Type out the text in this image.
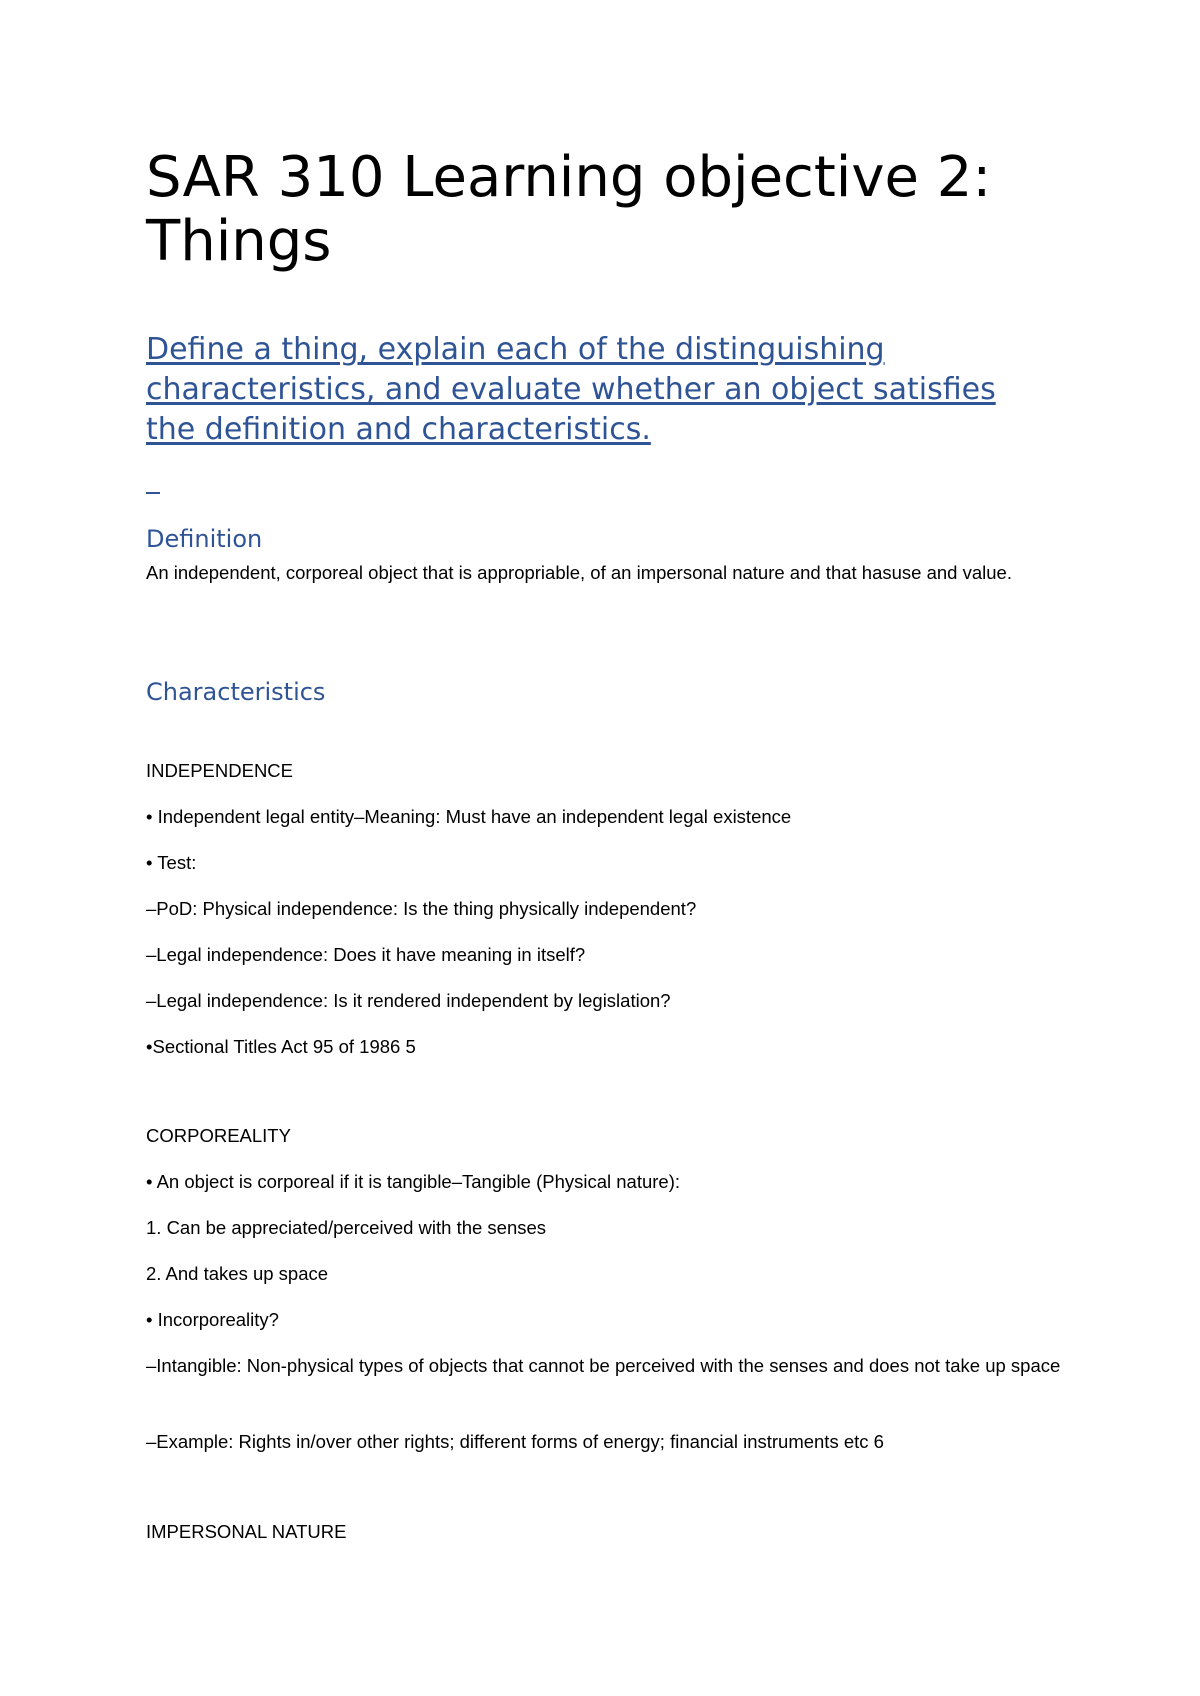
SAR 310 Learning objective 2: Things
Define a thing, explain each of the distinguishing characteristics, and evaluate whether an object satisfies the definition and characteristics.
Definition
An independent, corporeal object that is appropriable, of an impersonal nature and that hasuse and value.
Characteristics
INDEPENDENCE
• Independent legal entity–Meaning: Must have an independent legal existence
• Test:
–PoD: Physical independence: Is the thing physically independent?
–Legal independence: Does it have meaning in itself?
–Legal independence: Is it rendered independent by legislation?
•Sectional Titles Act 95 of 1986 5
CORPOREALITY
• An object is corporeal if it is tangible–Tangible (Physical nature):
1. Can be appreciated/perceived with the senses
2. And takes up space
• Incorporeality?
–Intangible: Non-physical types of objects that cannot be perceived with the senses and does not take up space
–Example: Rights in/over other rights; different forms of energy; financial instruments etc 6
IMPERSONAL NATURE
